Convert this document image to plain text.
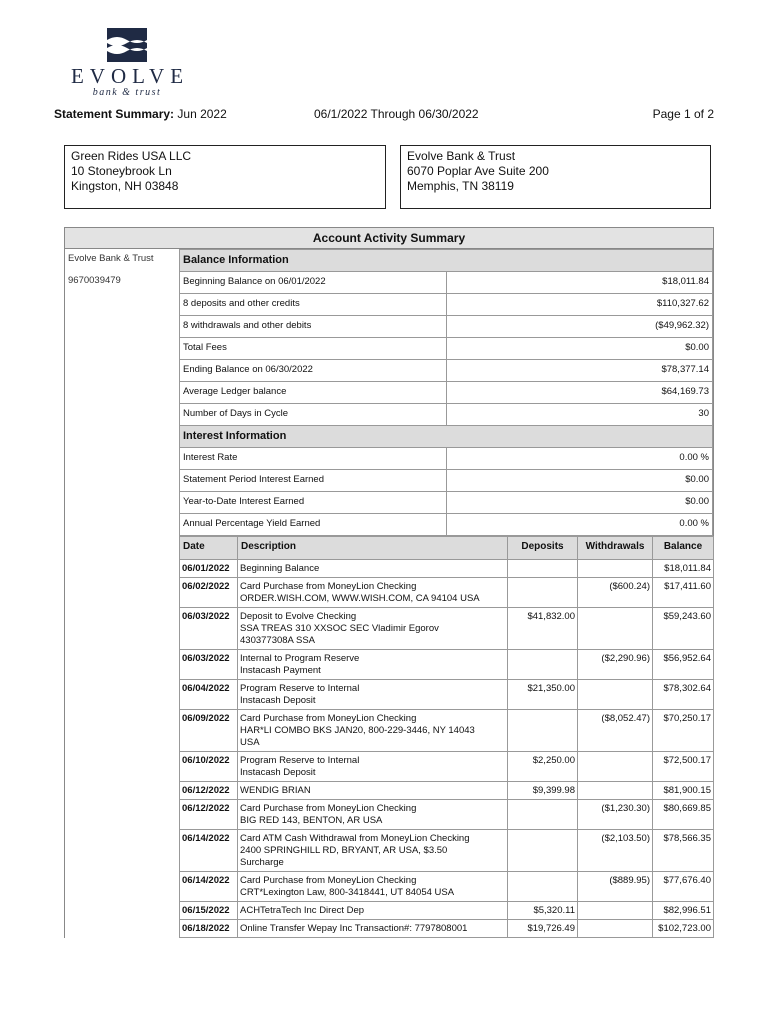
EVOLVE
bank & trust
Statement Summary: Jun 2022	06/1/2022 Through 06/30/2022	Page 1 of 2
Green Rides USA LLC
10 Stoneybrook Ln
Kingston, NH 03848
Evolve Bank & Trust
6070 Poplar Ave Suite 200
Memphis, TN 38119
Account Activity Summary
Evolve Bank & Trust
9670039479
Balance Information	
Beginning Balance on 06/01/2022	$18,011.84
8 deposits and other credits	$110,327.62
8 withdrawals and other debits	($49,962.32)
Total Fees	$0.00
Ending Balance on 06/30/2022	$78,377.14
Average Ledger balance	$64,169.73
Number of Days in Cycle	30
Interest Information	
Interest Rate	0.00 %
Statement Period Interest Earned	$0.00
Year-to-Date Interest Earned	$0.00
Annual Percentage Yield Earned	0.00 %
Date	Description	Deposits	Withdrawals	Balance
06/01/2022	Beginning Balance			$18,011.84
06/02/2022	Card Purchase from MoneyLion Checking
ORDER.WISH.COM, WWW.WISH.COM, CA 94104 USA		($600.24)	$17,411.60
06/03/2022	Deposit to Evolve Checking
SSA TREAS 310 XXSOC SEC Vladimir Egorov
430377308A SSA	$41,832.00		$59,243.60
06/03/2022	Internal to Program Reserve
Instacash Payment		($2,290.96)	$56,952.64
06/04/2022	Program Reserve to Internal
Instacash Deposit	$21,350.00		$78,302.64
06/09/2022	Card Purchase from MoneyLion Checking
HAR*LI COMBO BKS JAN20, 800-229-3446, NY 14043
USA		($8,052.47)	$70,250.17
06/10/2022	Program Reserve to Internal
Instacash Deposit	$2,250.00		$72,500.17
06/12/2022	WENDIG BRIAN	$9,399.98		$81,900.15
06/12/2022	Card Purchase from MoneyLion Checking
BIG RED 143, BENTON, AR USA		($1,230.30)	$80,669.85
06/14/2022	Card ATM Cash Withdrawal from MoneyLion Checking
2400 SPRINGHILL RD, BRYANT, AR USA, $3.50
Surcharge		($2,103.50)	$78,566.35
06/14/2022	Card Purchase from MoneyLion Checking
CRT*Lexington Law, 800-3418441, UT 84054 USA		($889.95)	$77,676.40
06/15/2022	ACHTetraTech Inc Direct Dep	$5,320.11		$82,996.51
06/18/2022	Online Transfer Wepay Inc Transaction#: 7797808001	$19,726.49		$102,723.00
